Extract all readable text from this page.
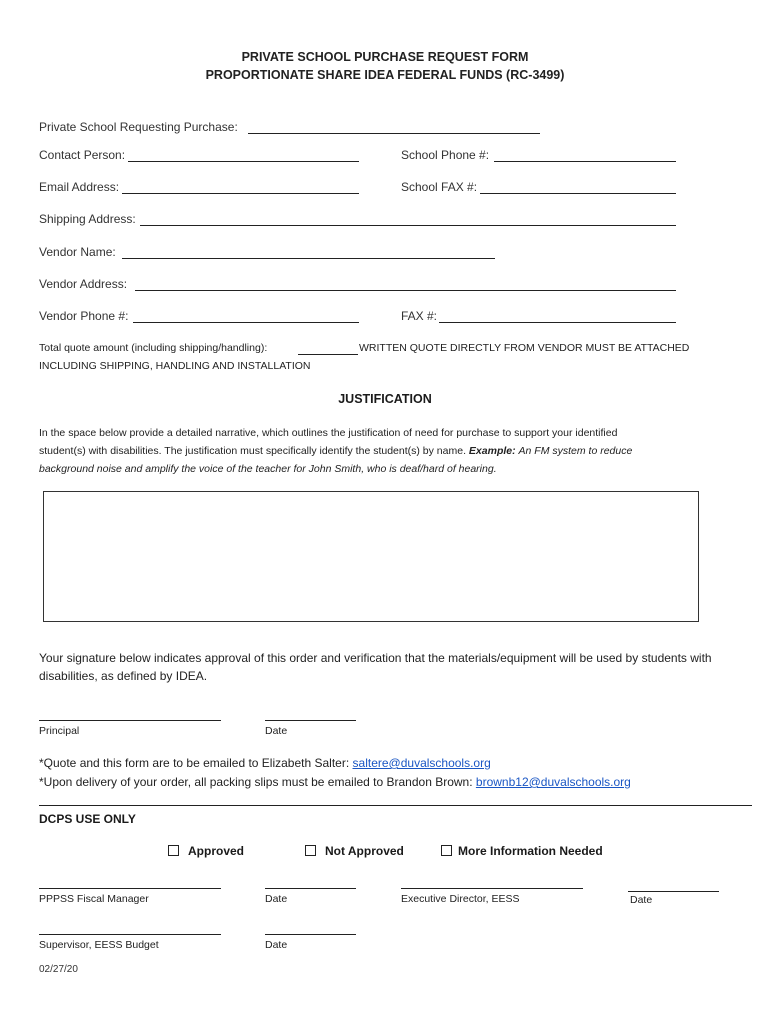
PRIVATE SCHOOL PURCHASE REQUEST FORM
PROPORTIONATE SHARE IDEA FEDERAL FUNDS (RC-3499)
Private School Requesting Purchase:
Contact Person:	School Phone #:
Email Address:	School FAX #:
Shipping Address:
Vendor Name:
Vendor Address:
Vendor Phone #:	FAX #:
Total quote amount (including shipping/handling):	WRITTEN QUOTE DIRECTLY FROM VENDOR MUST BE ATTACHED
INCLUDING SHIPPING, HANDLING AND INSTALLATION
JUSTIFICATION
In the space below provide a detailed narrative, which outlines the justification of need for purchase to support your identified
student(s) with disabilities. The justification must specifically identify the student(s) by name. Example: An FM system to reduce
background noise and amplify the voice of the teacher for John Smith, who is deaf/hard of hearing.
Your signature below indicates approval of this order and verification that the materials/equipment will be used by students with disabilities, as defined by IDEA.
Principal	Date
*Quote and this form are to be emailed to Elizabeth Salter: saltere@duvalschools.org
*Upon delivery of your order, all packing slips must be emailed to Brandon Brown: brownb12@duvalschools.org
DCPS USE ONLY
Approved	Not Approved	More Information Needed
PPPSS Fiscal Manager	Date	Executive Director, EESS	Date
Supervisor, EESS Budget	Date
02/27/20
